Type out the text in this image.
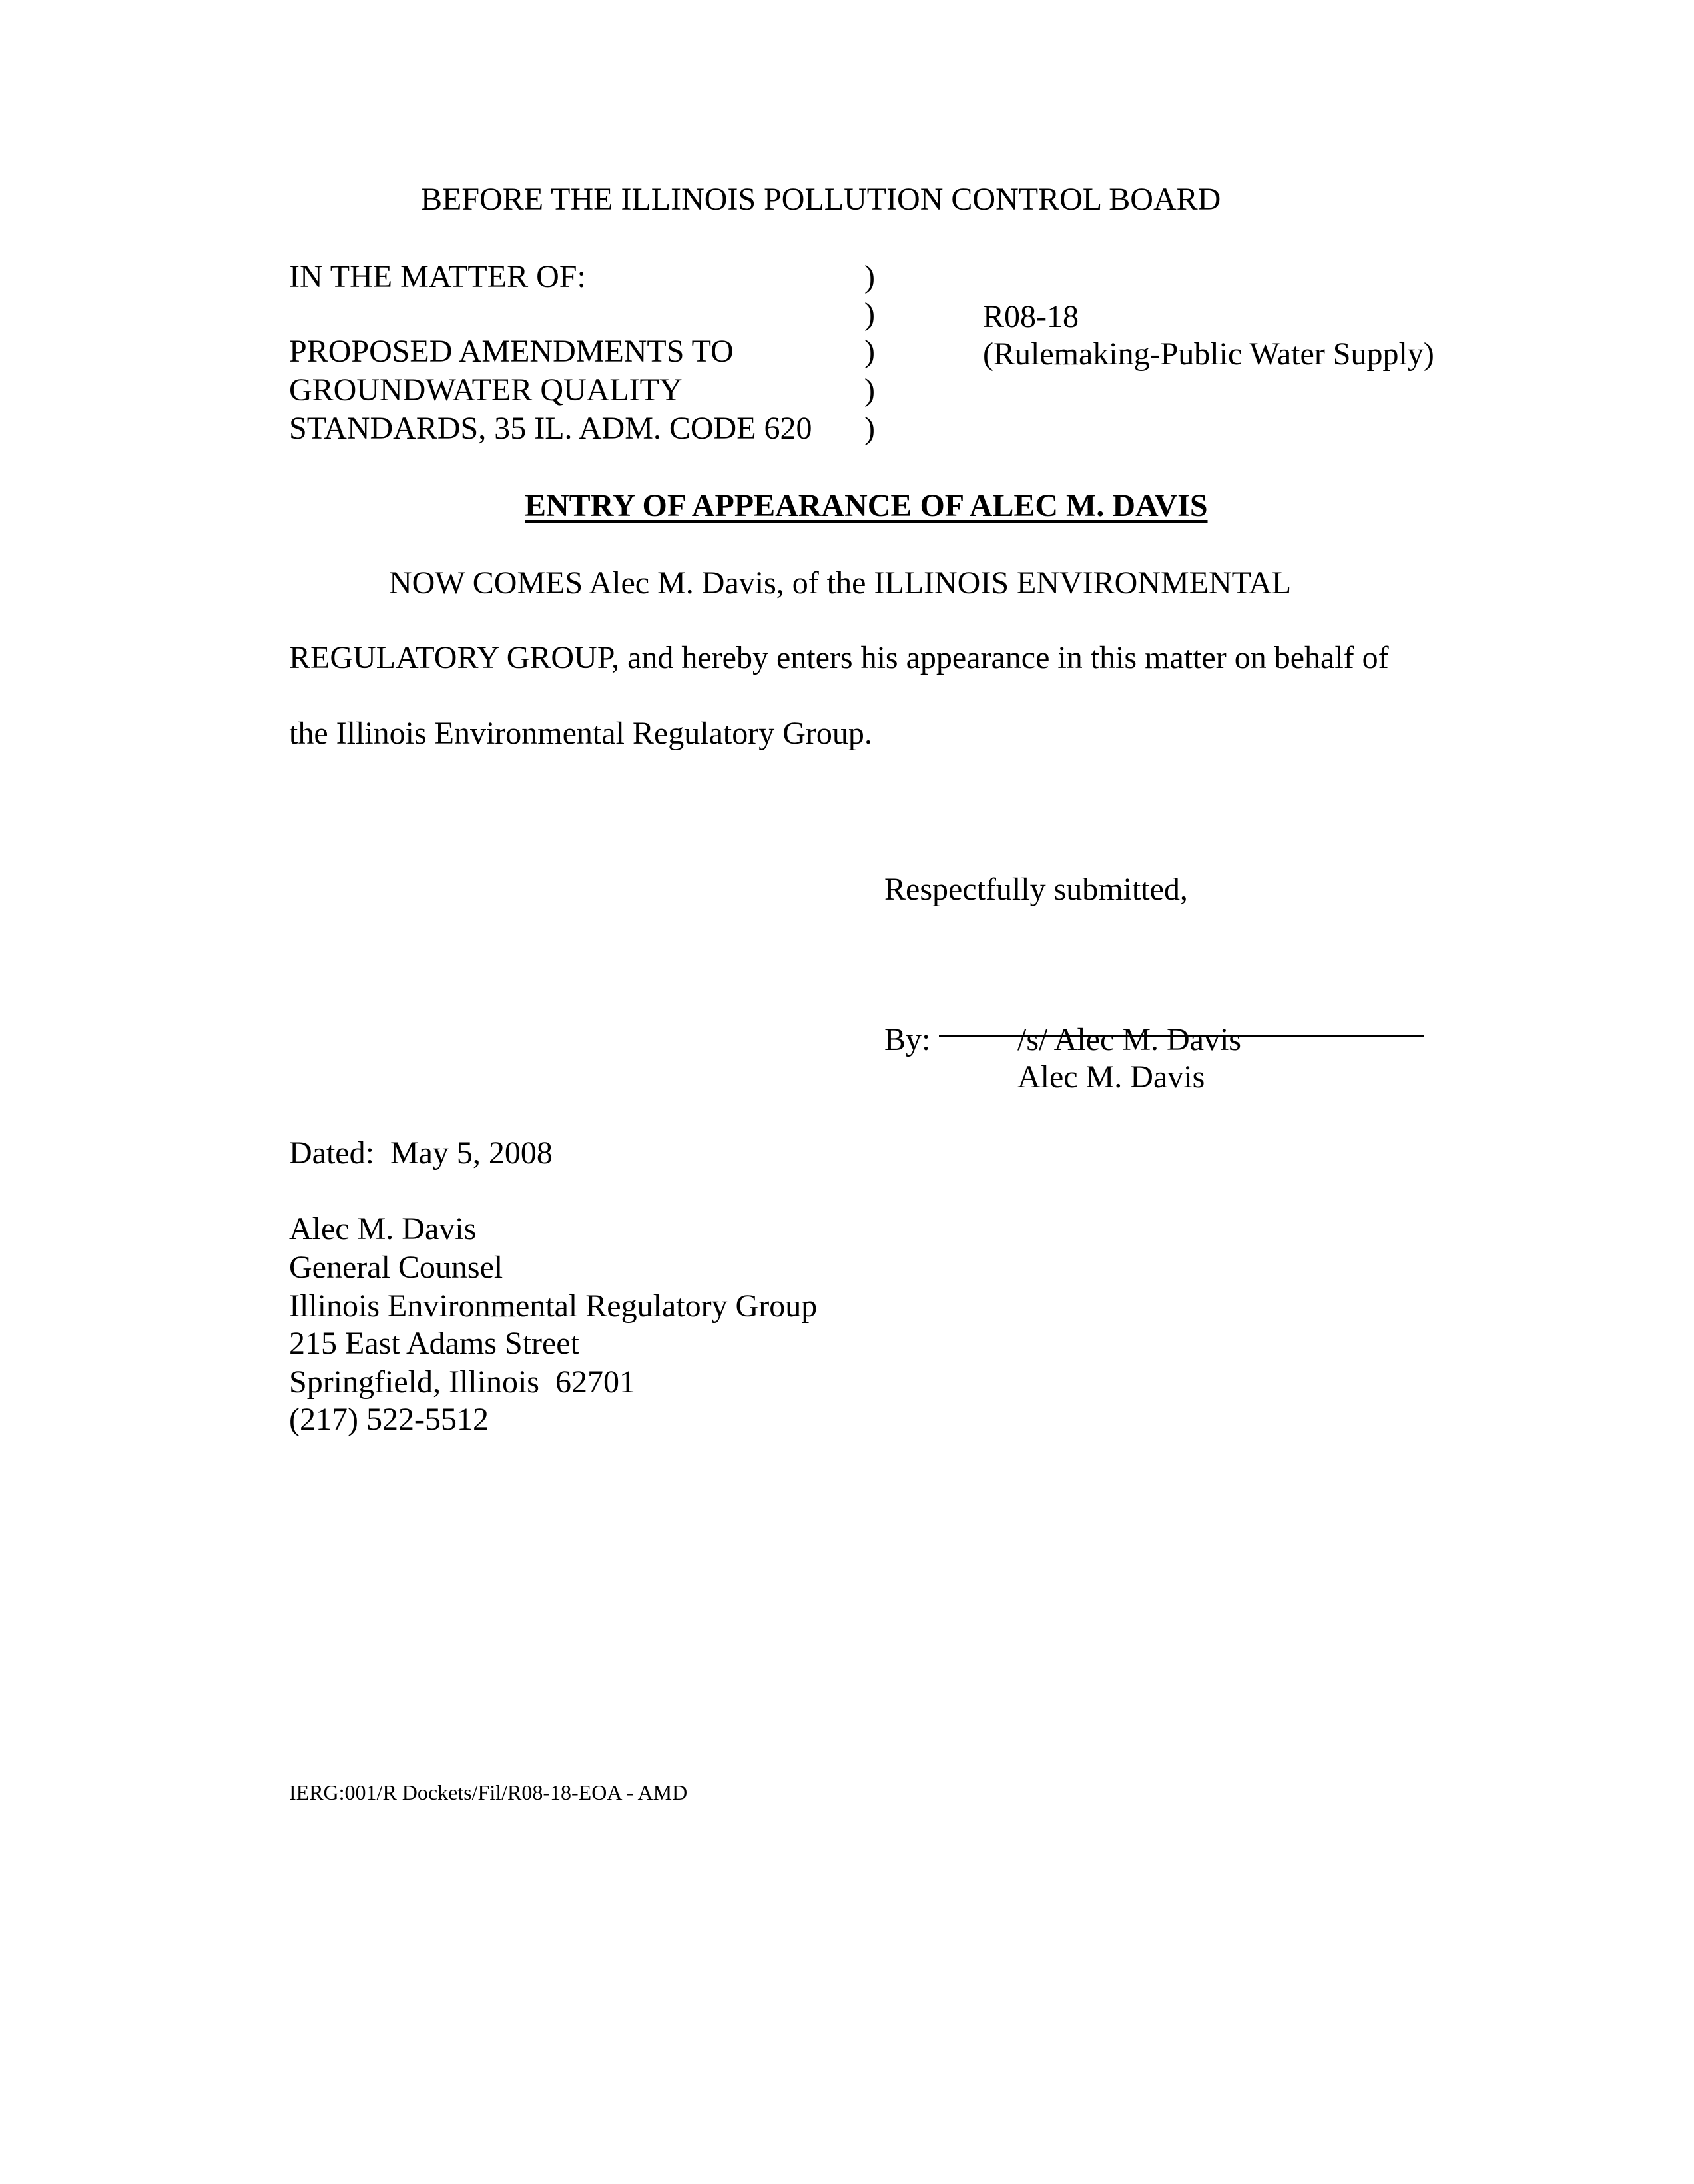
BEFORE THE ILLINOIS POLLUTION CONTROL BOARD
IN THE MATTER OF:
PROPOSED AMENDMENTS TO
GROUNDWATER QUALITY
STANDARDS, 35 IL. ADM. CODE 620
)
)
)
)
)
R08-18
(Rulemaking-Public Water Supply)
ENTRY OF APPEARANCE OF ALEC M. DAVIS
NOW COMES Alec M. Davis, of the ILLINOIS ENVIRONMENTAL
REGULATORY GROUP, and hereby enters his appearance in this matter on behalf of
the Illinois Environmental Regulatory Group.
Respectfully submitted,
By:	/s/ Alec M. Davis
Alec M. Davis
Dated:  May 5, 2008
Alec M. Davis
General Counsel
Illinois Environmental Regulatory Group
215 East Adams Street
Springfield, Illinois  62701
(217) 522-5512
IERG:001/R Dockets/Fil/R08-18-EOA - AMD
